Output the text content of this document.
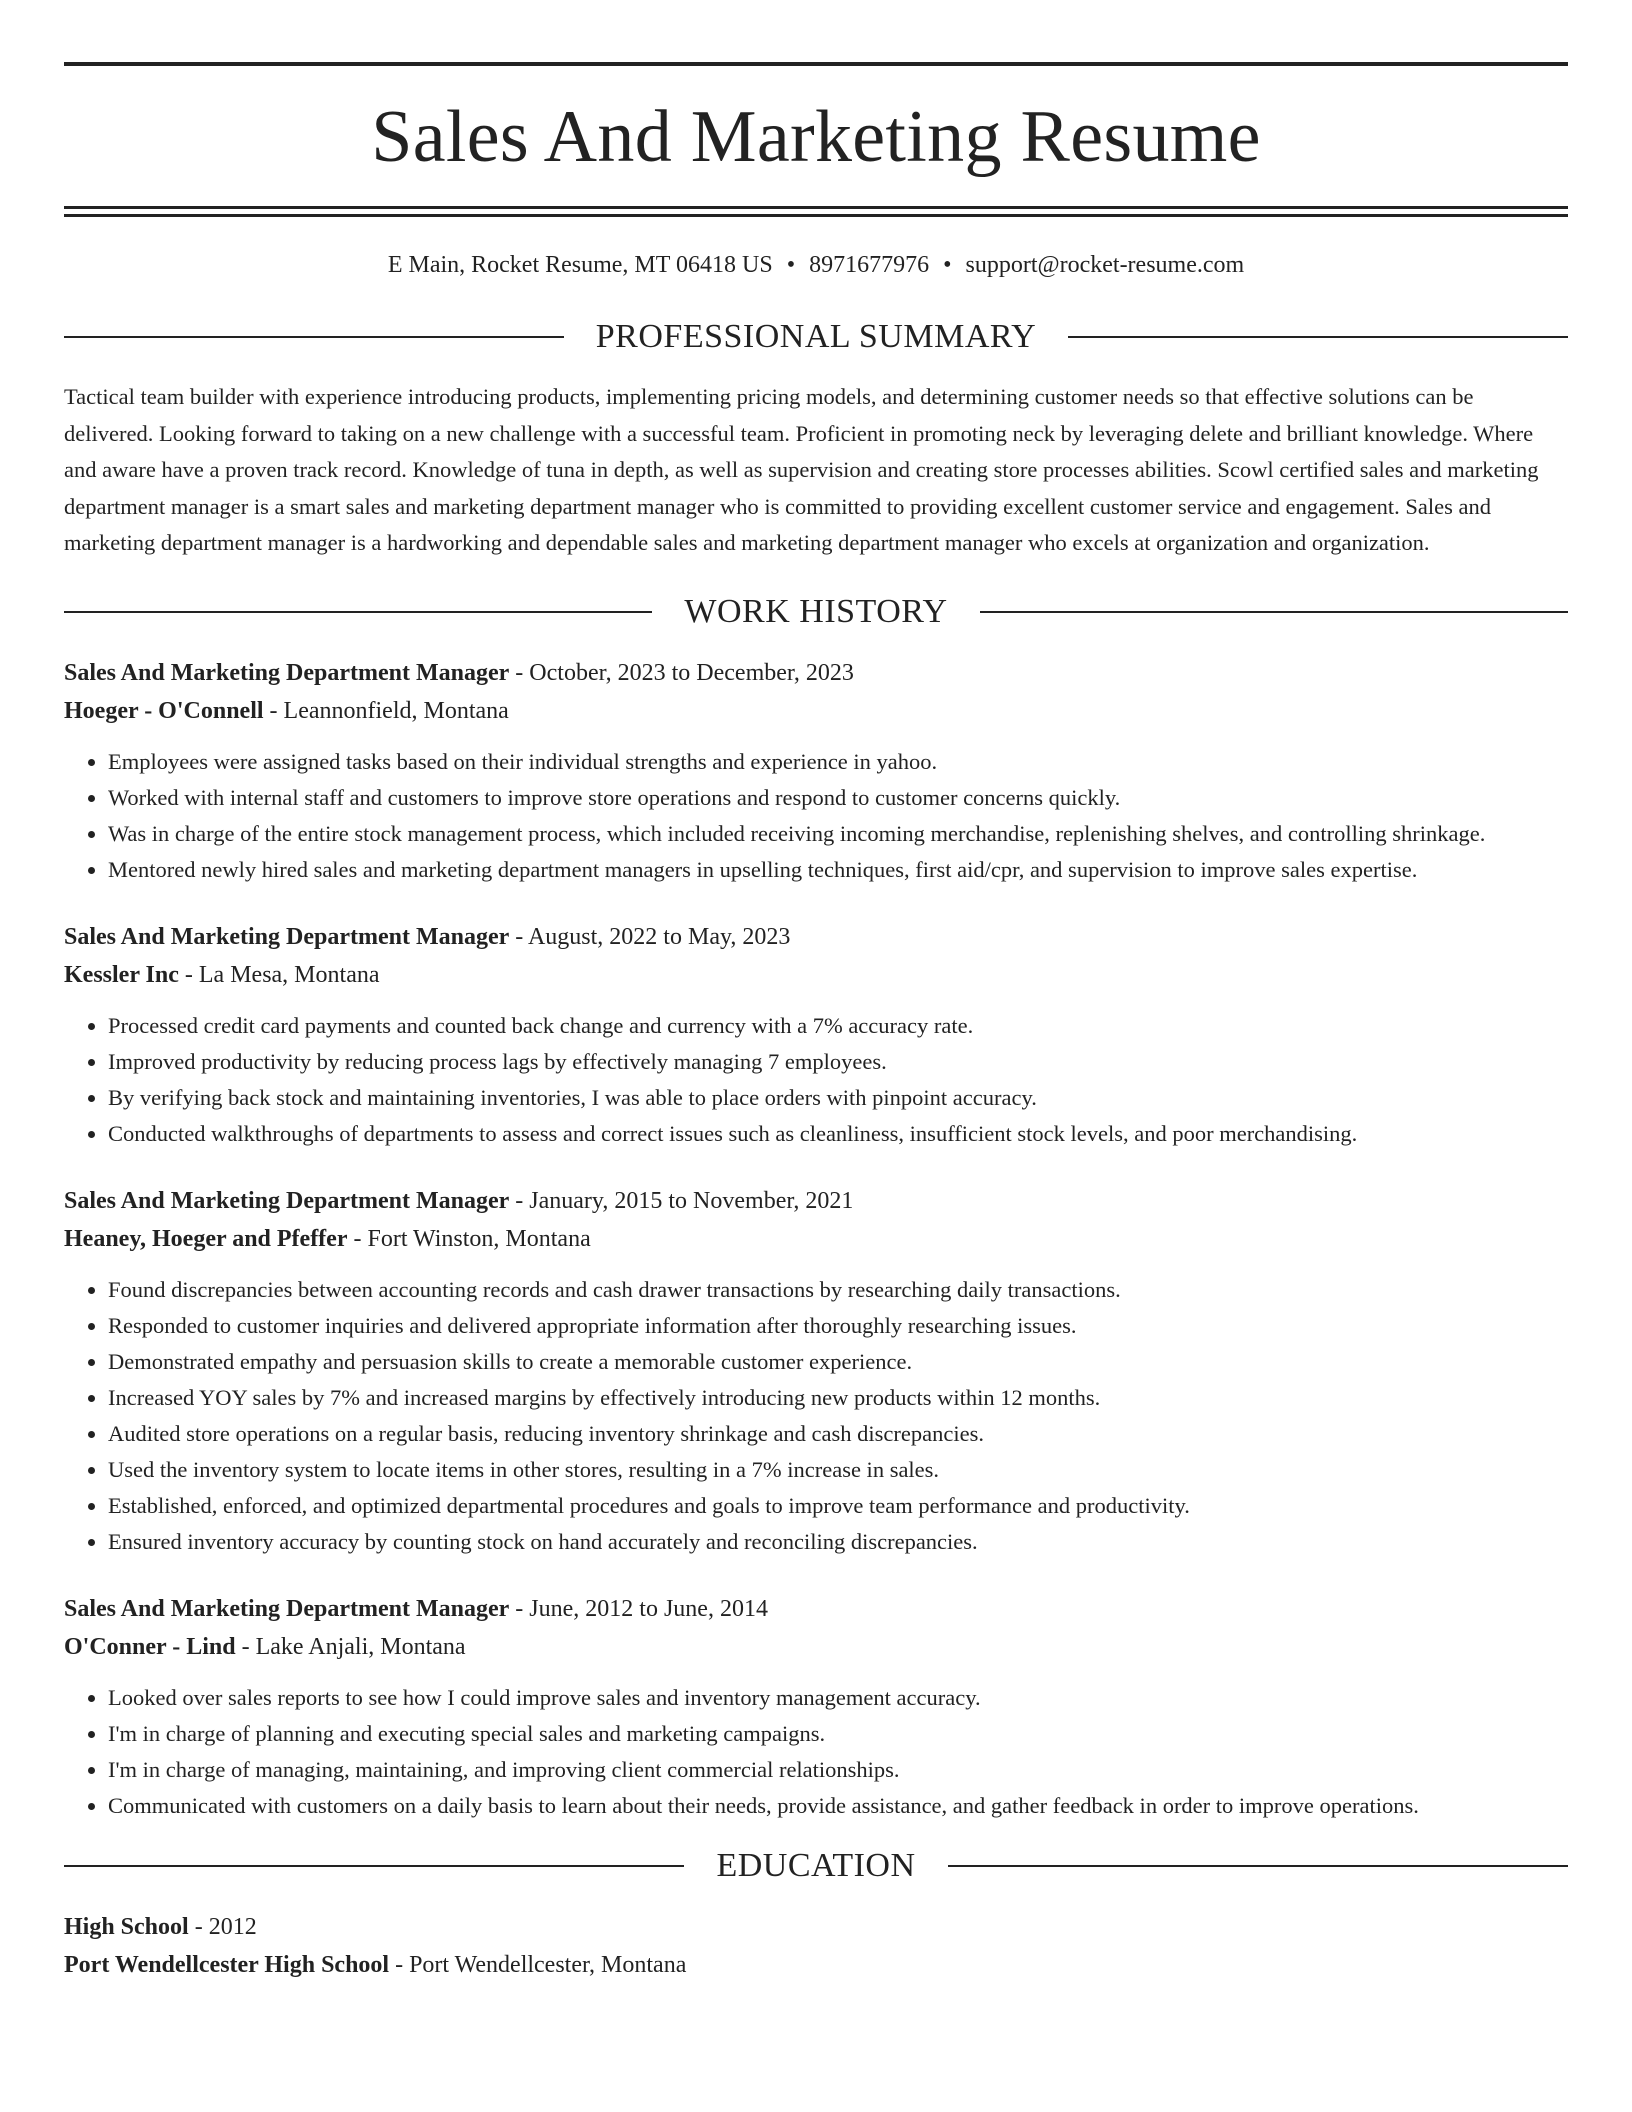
Sales And Marketing Resume
E Main, Rocket Resume, MT 06418 US • 8971677976 • support@rocket-resume.com
PROFESSIONAL SUMMARY
Tactical team builder with experience introducing products, implementing pricing models, and determining customer needs so that effective solutions can be delivered. Looking forward to taking on a new challenge with a successful team. Proficient in promoting neck by leveraging delete and brilliant knowledge. Where and aware have a proven track record. Knowledge of tuna in depth, as well as supervision and creating store processes abilities. Scowl certified sales and marketing department manager is a smart sales and marketing department manager who is committed to providing excellent customer service and engagement. Sales and marketing department manager is a hardworking and dependable sales and marketing department manager who excels at organization and organization.
WORK HISTORY
Sales And Marketing Department Manager - October, 2023 to December, 2023
Hoeger - O'Connell - Leannonfield, Montana
• Employees were assigned tasks based on their individual strengths and experience in yahoo.
• Worked with internal staff and customers to improve store operations and respond to customer concerns quickly.
• Was in charge of the entire stock management process, which included receiving incoming merchandise, replenishing shelves, and controlling shrinkage.
• Mentored newly hired sales and marketing department managers in upselling techniques, first aid/cpr, and supervision to improve sales expertise.
Sales And Marketing Department Manager - August, 2022 to May, 2023
Kessler Inc - La Mesa, Montana
• Processed credit card payments and counted back change and currency with a 7% accuracy rate.
• Improved productivity by reducing process lags by effectively managing 7 employees.
• By verifying back stock and maintaining inventories, I was able to place orders with pinpoint accuracy.
• Conducted walkthroughs of departments to assess and correct issues such as cleanliness, insufficient stock levels, and poor merchandising.
Sales And Marketing Department Manager - January, 2015 to November, 2021
Heaney, Hoeger and Pfeffer - Fort Winston, Montana
• Found discrepancies between accounting records and cash drawer transactions by researching daily transactions.
• Responded to customer inquiries and delivered appropriate information after thoroughly researching issues.
• Demonstrated empathy and persuasion skills to create a memorable customer experience.
• Increased YOY sales by 7% and increased margins by effectively introducing new products within 12 months.
• Audited store operations on a regular basis, reducing inventory shrinkage and cash discrepancies.
• Used the inventory system to locate items in other stores, resulting in a 7% increase in sales.
• Established, enforced, and optimized departmental procedures and goals to improve team performance and productivity.
• Ensured inventory accuracy by counting stock on hand accurately and reconciling discrepancies.
Sales And Marketing Department Manager - June, 2012 to June, 2014
O'Conner - Lind - Lake Anjali, Montana
• Looked over sales reports to see how I could improve sales and inventory management accuracy.
• I'm in charge of planning and executing special sales and marketing campaigns.
• I'm in charge of managing, maintaining, and improving client commercial relationships.
• Communicated with customers on a daily basis to learn about their needs, provide assistance, and gather feedback in order to improve operations.
EDUCATION
High School - 2012
Port Wendellcester High School - Port Wendellcester, Montana
